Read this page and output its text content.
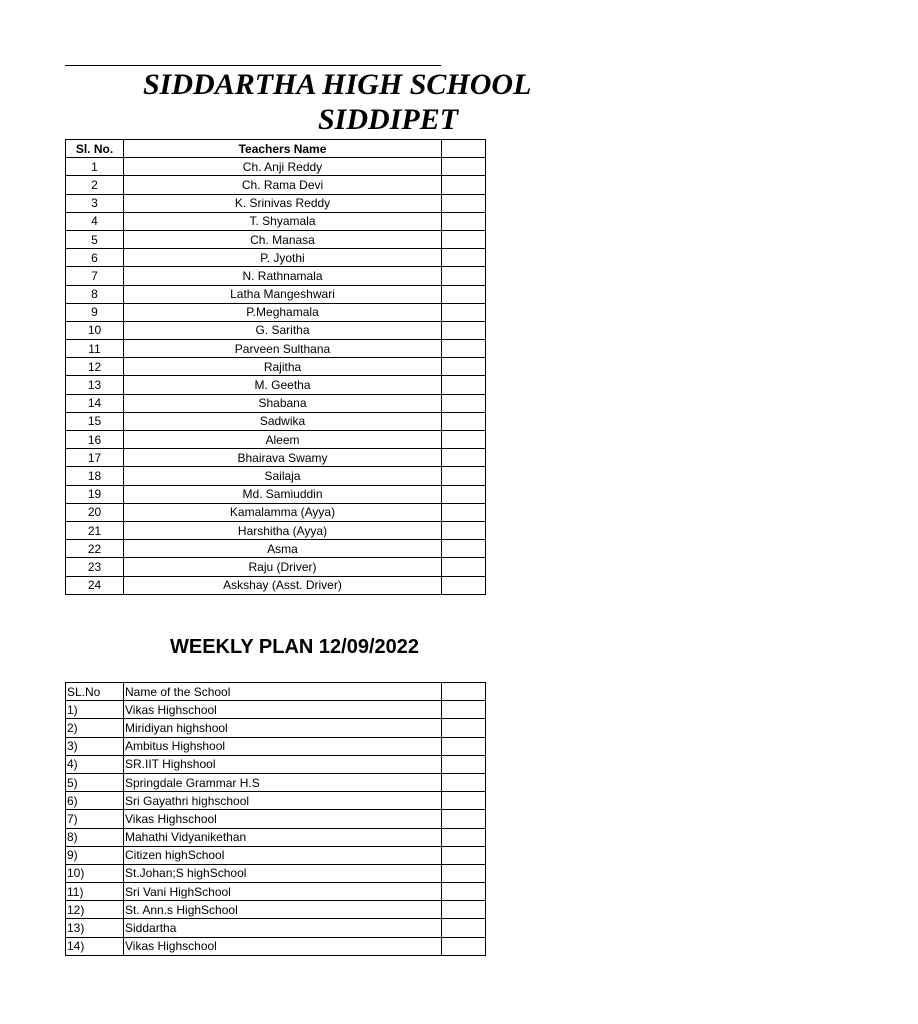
SIDDARTHA HIGH SCHOOL
SIDDIPET
Sl. No.	Teachers Name	
1	Ch. Anji Reddy	
2	Ch. Rama Devi	
3	K. Srinivas Reddy	
4	T. Shyamala	
5	Ch. Manasa	
6	P. Jyothi	
7	N. Rathnamala	
8	Latha Mangeshwari	
9	P.Meghamala	
10	G. Saritha	
11	Parveen Sulthana	
12	Rajitha	
13	M. Geetha	
14	Shabana	
15	Sadwika	
16	Aleem	
17	Bhairava Swamy	
18	Sailaja	
19	Md. Samiuddin	
20	Kamalamma (Ayya)	
21	Harshitha (Ayya)	
22	Asma	
23	Raju (Driver)	
24	Askshay (Asst. Driver)	
WEEKLY PLAN 12/09/2022
SL.No	Name of the School	
1)	Vikas Highschool	
2)	Miridiyan highshool	
3)	Ambitus Highshool	
4)	SR.IIT Highshool	
5)	Springdale Grammar H.S	
6)	Sri Gayathri highschool	
7)	Vikas Highschool	
8)	Mahathi Vidyanikethan	
9)	Citizen highSchool	
10)	St.Johan;S highSchool	
11)	Sri Vani HighSchool	
12)	St. Ann.s HighSchool	
13)	Siddartha	
14)	Vikas Highschool	
